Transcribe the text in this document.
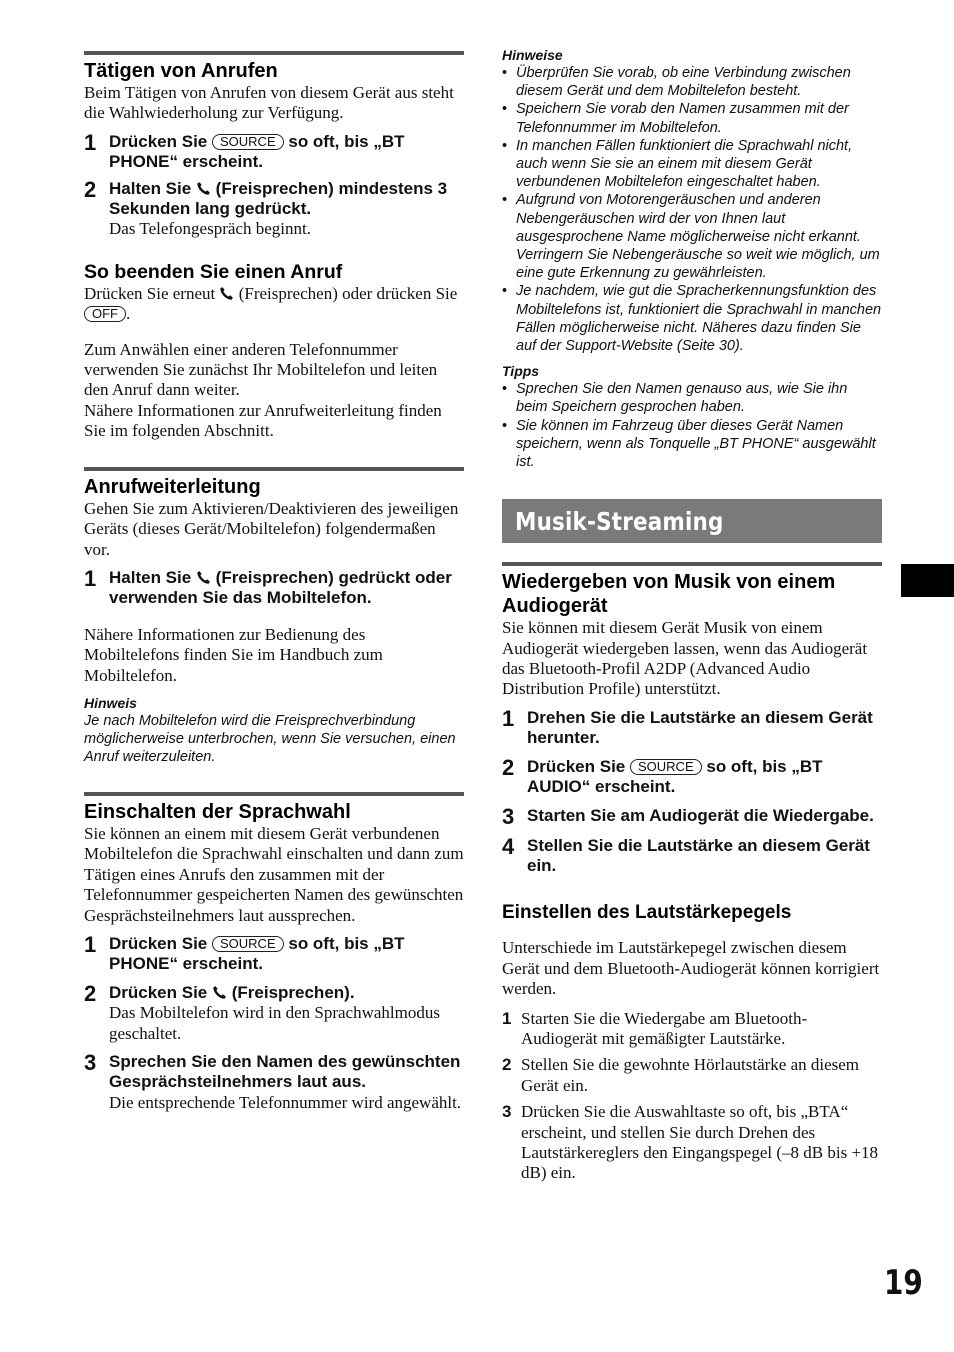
Tätigen von Anrufen
Beim Tätigen von Anrufen von diesem Gerät aus steht die Wahlwiederholung zur Verfügung.
1 Drücken Sie SOURCE so oft, bis „BT PHONE“ erscheint.
2 Halten Sie (Freisprechen) mindestens 3 Sekunden lang gedrückt.
Das Telefongespräch beginnt.
So beenden Sie einen Anruf
Drücken Sie erneut (Freisprechen) oder drücken Sie OFF .
Zum Anwählen einer anderen Telefonnummer verwenden Sie zunächst Ihr Mobiltelefon und leiten den Anruf dann weiter.
Nähere Informationen zur Anrufweiterleitung finden Sie im folgenden Abschnitt.
Anrufweiterleitung
Gehen Sie zum Aktivieren/Deaktivieren des jeweiligen Geräts (dieses Gerät/Mobiltelefon) folgendermaßen vor.
1 Halten Sie (Freisprechen) gedrückt oder verwenden Sie das Mobiltelefon.
Nähere Informationen zur Bedienung des Mobiltelefons finden Sie im Handbuch zum Mobiltelefon.
Hinweis
Je nach Mobiltelefon wird die Freisprechverbindung möglicherweise unterbrochen, wenn Sie versuchen, einen Anruf weiterzuleiten.
Einschalten der Sprachwahl
Sie können an einem mit diesem Gerät verbundenen Mobiltelefon die Sprachwahl einschalten und dann zum Tätigen eines Anrufs den zusammen mit der Telefonnummer gespeicherten Namen des gewünschten Gesprächsteilnehmers laut aussprechen.
1 Drücken Sie SOURCE so oft, bis „BT PHONE“ erscheint.
2 Drücken Sie (Freisprechen).
Das Mobiltelefon wird in den Sprachwahlmodus geschaltet.
3 Sprechen Sie den Namen des gewünschten Gesprächsteilnehmers laut aus.
Die entsprechende Telefonnummer wird angewählt.
Hinweise
• Überprüfen Sie vorab, ob eine Verbindung zwischen diesem Gerät und dem Mobiltelefon besteht.
• Speichern Sie vorab den Namen zusammen mit der Telefonnummer im Mobiltelefon.
• In manchen Fällen funktioniert die Sprachwahl nicht, auch wenn Sie sie an einem mit diesem Gerät verbundenen Mobiltelefon eingeschaltet haben.
• Aufgrund von Motorengeräuschen und anderen Nebengeräuschen wird der von Ihnen laut ausgesprochene Name möglicherweise nicht erkannt. Verringern Sie Nebengeräusche so weit wie möglich, um eine gute Erkennung zu gewährleisten.
• Je nachdem, wie gut die Spracherkennungsfunktion des Mobiltelefons ist, funktioniert die Sprachwahl in manchen Fällen möglicherweise nicht. Näheres dazu finden Sie auf der Support-Website (Seite 30).
Tipps
• Sprechen Sie den Namen genauso aus, wie Sie ihn beim Speichern gesprochen haben.
• Sie können im Fahrzeug über dieses Gerät Namen speichern, wenn als Tonquelle „BT PHONE“ ausgewählt ist.
Musik-Streaming
Wiedergeben von Musik von einem Audiogerät
Sie können mit diesem Gerät Musik von einem Audiogerät wiedergeben lassen, wenn das Audiogerät das Bluetooth-Profil A2DP (Advanced Audio Distribution Profile) unterstützt.
1 Drehen Sie die Lautstärke an diesem Gerät herunter.
2 Drücken Sie SOURCE so oft, bis „BT AUDIO“ erscheint.
3 Starten Sie am Audiogerät die Wiedergabe.
4 Stellen Sie die Lautstärke an diesem Gerät ein.
Einstellen des Lautstärkepegels
Unterschiede im Lautstärkepegel zwischen diesem Gerät und dem Bluetooth-Audiogerät können korrigiert werden.
1 Starten Sie die Wiedergabe am Bluetooth-Audiogerät mit gemäßigter Lautstärke.
2 Stellen Sie die gewohnte Hörlautstärke an diesem Gerät ein.
3 Drücken Sie die Auswahltaste so oft, bis „BTA“ erscheint, und stellen Sie durch Drehen des Lautstärkereglers den Eingangspegel (–8 dB bis +18 dB) ein.
19
